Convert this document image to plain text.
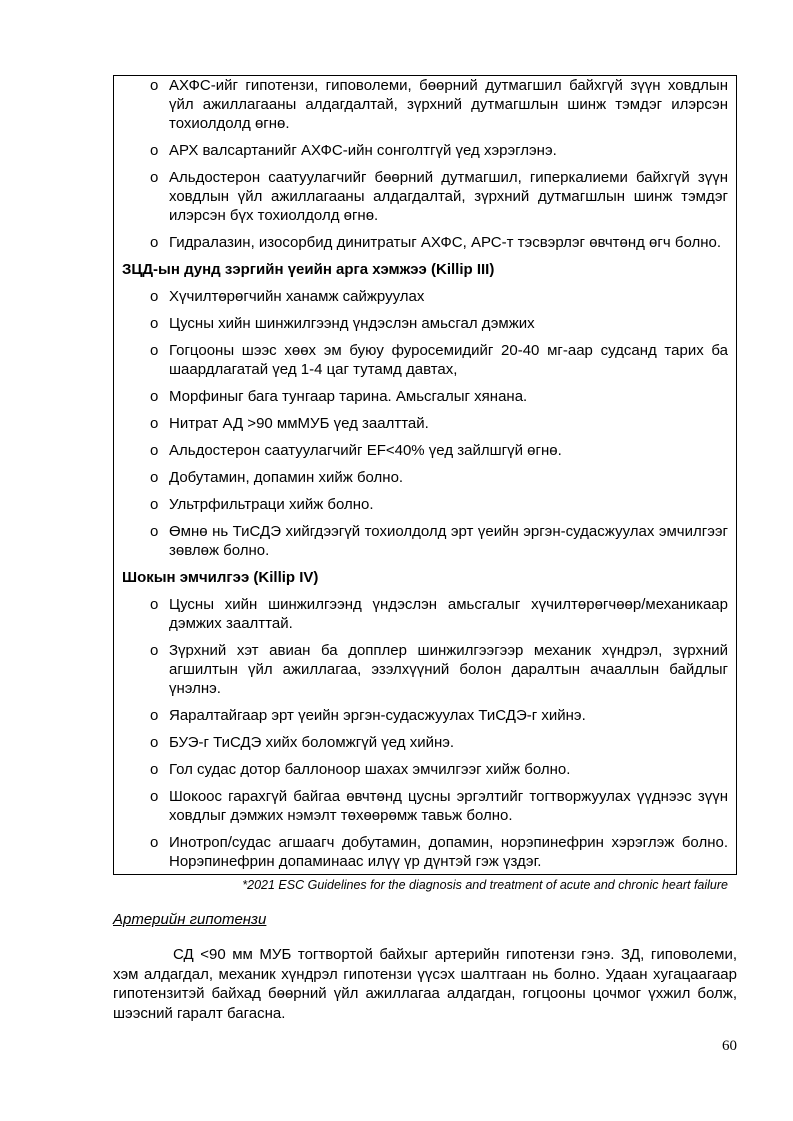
o АХФС-ийг гипотензи, гиповолеми, бөөрний дутмагшил байхгүй зүүн ховдлын үйл ажиллагааны алдагдалтай, зүрхний дутмагшлын шинж тэмдэг илэрсэн тохиолдолд өгнө.
o АРХ валсартанийг АХФС-ийн сонголтгүй үед хэрэглэнэ.
o Альдостерон саатуулагчийг бөөрний дутмагшил, гиперкалиеми байхгүй зүүн ховдлын үйл ажиллагааны алдагдалтай, зүрхний дутмагшлын шинж тэмдэг илэрсэн бүх тохиолдолд өгнө.
o Гидралазин, изосорбид динитратыг АХФС, АРС-т тэсвэрлэг өвчтөнд өгч болно.
ЗЦД-ын дунд зэргийн үеийн арга хэмжээ (Killip III)
o Хүчилтөрөгчийн ханамж сайжруулах
o Цусны хийн шинжилгээнд үндэслэн амьсгал дэмжих
o Гогцооны шээс хөөх эм буюу фуросемидийг 20-40 мг-аар судсанд тарих ба шаардлагатай үед 1-4 цаг тутамд давтах,
o Морфиныг бага тунгаар тарина. Амьсгалыг хянана.
o Нитрат АД >90 ммМУБ үед заалттай.
o Альдостерон саатуулагчийг EF<40% үед зайлшгүй өгнө.
o Добутамин, допамин хийж болно.
o Ультрфильтраци хийж болно.
o Өмнө нь ТиСДЭ хийгдээгүй тохиолдолд эрт үеийн эргэн-судасжуулах эмчилгээг зөвлөж болно.
Шокын эмчилгээ (Killip IV)
o Цусны хийн шинжилгээнд үндэслэн амьсгалыг хүчилтөрөгчөөр/механикаар дэмжих заалттай.
o Зүрхний хэт авиан ба допплер шинжилгээгээр механик хүндрэл, зүрхний агшилтын үйл ажиллагаа, эзэлхүүний болон даралтын ачааллын байдлыг үнэлнэ.
o Яаралтайгаар эрт үеийн эргэн-судасжуулах ТиСДЭ-г хийнэ.
o БУЭ-г ТиСДЭ хийх боломжгүй үед хийнэ.
o Гол судас дотор баллоноор шахах эмчилгээг хийж болно.
o Шокоос гарахгүй байгаа өвчтөнд цусны эргэлтийг тогтворжуулах үүднээс зүүн ховдлыг дэмжих нэмэлт төхөөрөмж тавьж болно.
o Инотроп/судас агшаагч добутамин, допамин, норэпинефрин хэрэглэж болно. Норэпинефрин допаминаас илүү үр дүнтэй гэж үздэг.
*2021 ESC Guidelines for the diagnosis and treatment of acute and chronic heart failure
Артерийн гипотензи
СД <90 мм МУБ тогтвортой байхыг артерийн гипотензи гэнэ. ЗД, гиповолеми, хэм алдагдал, механик хүндрэл гипотензи үүсэх шалтгаан нь болно. Удаан хугацаагаар гипотензитэй байхад бөөрний үйл ажиллагаа алдагдан, гогцооны цочмог үхжил болж, шээсний гаралт багасна.
60
